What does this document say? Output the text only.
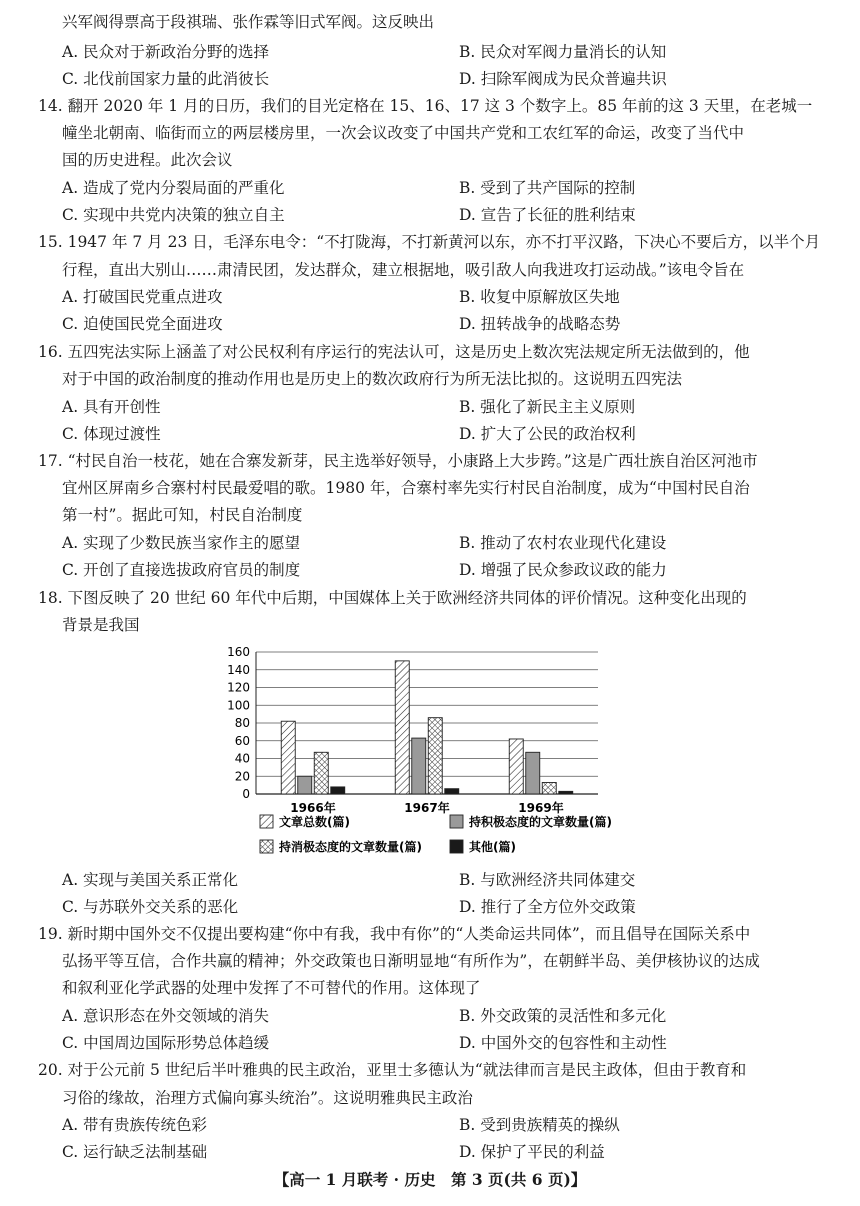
兴军阀得票高于段祺瑞、张作霖等旧式军阀。这反映出
A. 民众对于新政治分野的选择	B. 民众对军阀力量消长的认知
C. 北伐前国家力量的此消彼长	D. 扫除军阀成为民众普遍共识
14. 翻开 2020 年 1 月的日历，我们的目光定格在 15、16、17 这 3 个数字上。85 年前的这 3 天里，在老城一
幢坐北朝南、临街而立的两层楼房里，一次会议改变了中国共产党和工农红军的命运，改变了当代中
国的历史进程。此次会议
A. 造成了党内分裂局面的严重化	B. 受到了共产国际的控制
C. 实现中共党内决策的独立自主	D. 宣告了长征的胜利结束
15. 1947 年 7 月 23 日，毛泽东电令：“不打陇海，不打新黄河以东，亦不打平汉路，下决心不要后方，以半个月
行程，直出大别山……肃清民团，发达群众，建立根据地，吸引敌人向我进攻打运动战。”该电令旨在
A. 打破国民党重点进攻	B. 收复中原解放区失地
C. 迫使国民党全面进攻	D. 扭转战争的战略态势
16. 五四宪法实际上涵盖了对公民权利有序运行的宪法认可，这是历史上数次宪法规定所无法做到的，他
对于中国的政治制度的推动作用也是历史上的数次政府行为所无法比拟的。这说明五四宪法
A. 具有开创性	B. 强化了新民主主义原则
C. 体现过渡性	D. 扩大了公民的政治权利
17. “村民自治一枝花，她在合寨发新芽，民主选举好领导，小康路上大步跨。”这是广西壮族自治区河池市
宜州区屏南乡合寨村村民最爱唱的歌。1980 年，合寨村率先实行村民自治制度，成为“中国村民自治
第一村”。据此可知，村民自治制度
A. 实现了少数民族当家作主的愿望	B. 推动了农村农业现代化建设
C. 开创了直接选拔政府官员的制度	D. 增强了民众参政议政的能力
18. 下图反映了 20 世纪 60 年代中后期，中国媒体上关于欧洲经济共同体的评价情况。这种变化出现的
背景是我国
0
20
40
60
80
100
120
140
160
1966年	1967年	1969年
文章总数(篇)	持积极态度的文章数量(篇)
持消极态度的文章数量(篇)	其他(篇)
A. 实现与美国关系正常化	B. 与欧洲经济共同体建交
C. 与苏联外交关系的恶化	D. 推行了全方位外交政策
19. 新时期中国外交不仅提出要构建“你中有我，我中有你”的“人类命运共同体”，而且倡导在国际关系中
弘扬平等互信，合作共赢的精神；外交政策也日渐明显地“有所作为”，在朝鲜半岛、美伊核协议的达成
和叙利亚化学武器的处理中发挥了不可替代的作用。这体现了
A. 意识形态在外交领域的消失	B. 外交政策的灵活性和多元化
C. 中国周边国际形势总体趋缓	D. 中国外交的包容性和主动性
20. 对于公元前 5 世纪后半叶雅典的民主政治，亚里士多德认为“就法律而言是民主政体，但由于教育和
习俗的缘故，治理方式偏向寡头统治”。这说明雅典民主政治
A. 带有贵族传统色彩	B. 受到贵族精英的操纵
C. 运行缺乏法制基础	D. 保护了平民的利益
【高一 1 月联考 · 历史　第 3 页(共 6 页)】
